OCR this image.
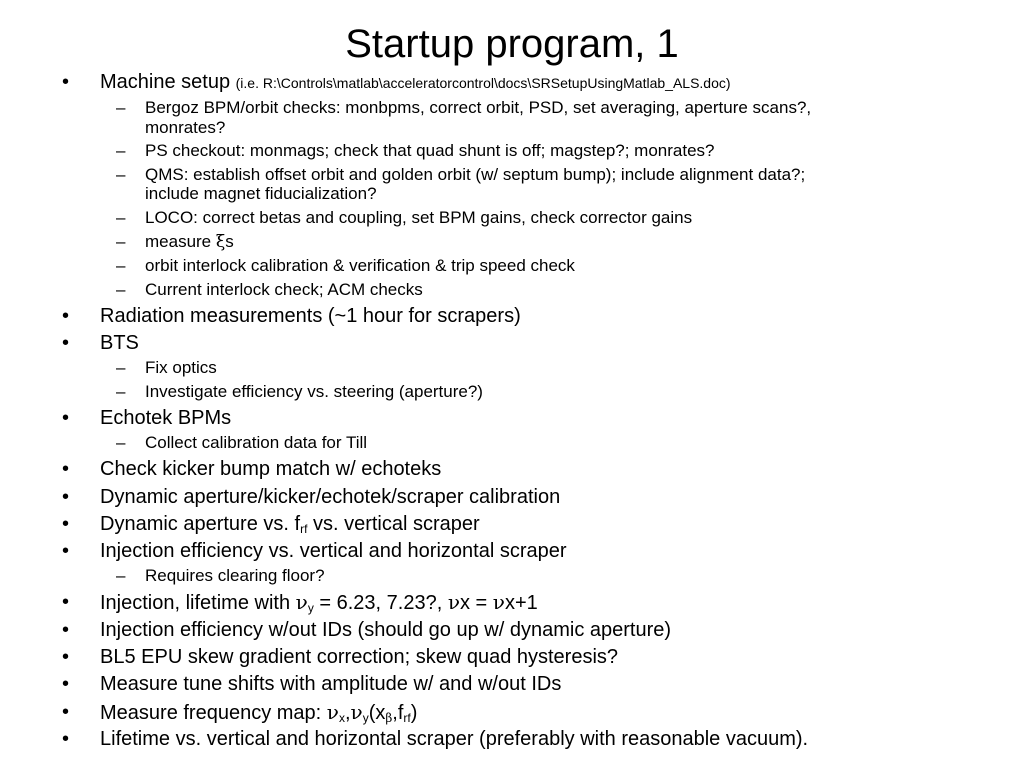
Startup program, 1
• Machine setup (i.e. R:\Controls\matlab\acceleratorcontrol\docs\SRSetupUsingMatlab_ALS.doc)
– Bergoz BPM/orbit checks: monbpms, correct orbit, PSD, set averaging, aperture scans?,
monrates?
– PS checkout: monmags; check that quad shunt is off; magstep?; monrates?
– QMS: establish offset orbit and golden orbit (w/ septum bump); include alignment data?;
include magnet fiducialization?
– LOCO: correct betas and coupling, set BPM gains, check corrector gains
– measure ξs
– orbit interlock calibration & verification & trip speed check
– Current interlock check; ACM checks
• Radiation measurements (~1 hour for scrapers)
• BTS
– Fix optics
– Investigate efficiency vs. steering (aperture?)
• Echotek BPMs
– Collect calibration data for Till
• Check kicker bump match w/ echoteks
• Dynamic aperture/kicker/echotek/scraper calibration
• Dynamic aperture vs. $f_{rf}$ vs. vertical scraper
• Injection efficiency vs. vertical and horizontal scraper
– Requires clearing floor?
• Injection, lifetime with $\nu_y = 6.23$, 7.23?, νx = νx+1
• Injection efficiency w/out IDs (should go up w/ dynamic aperture)
• BL5 EPU skew gradient correction; skew quad hysteresis?
• Measure tune shifts with amplitude w/ and w/out IDs
• Measure frequency map: $\nu_x,\nu_y(x_\beta,f_{rf})$
• Lifetime vs. vertical and horizontal scraper (preferably with reasonable vacuum).
